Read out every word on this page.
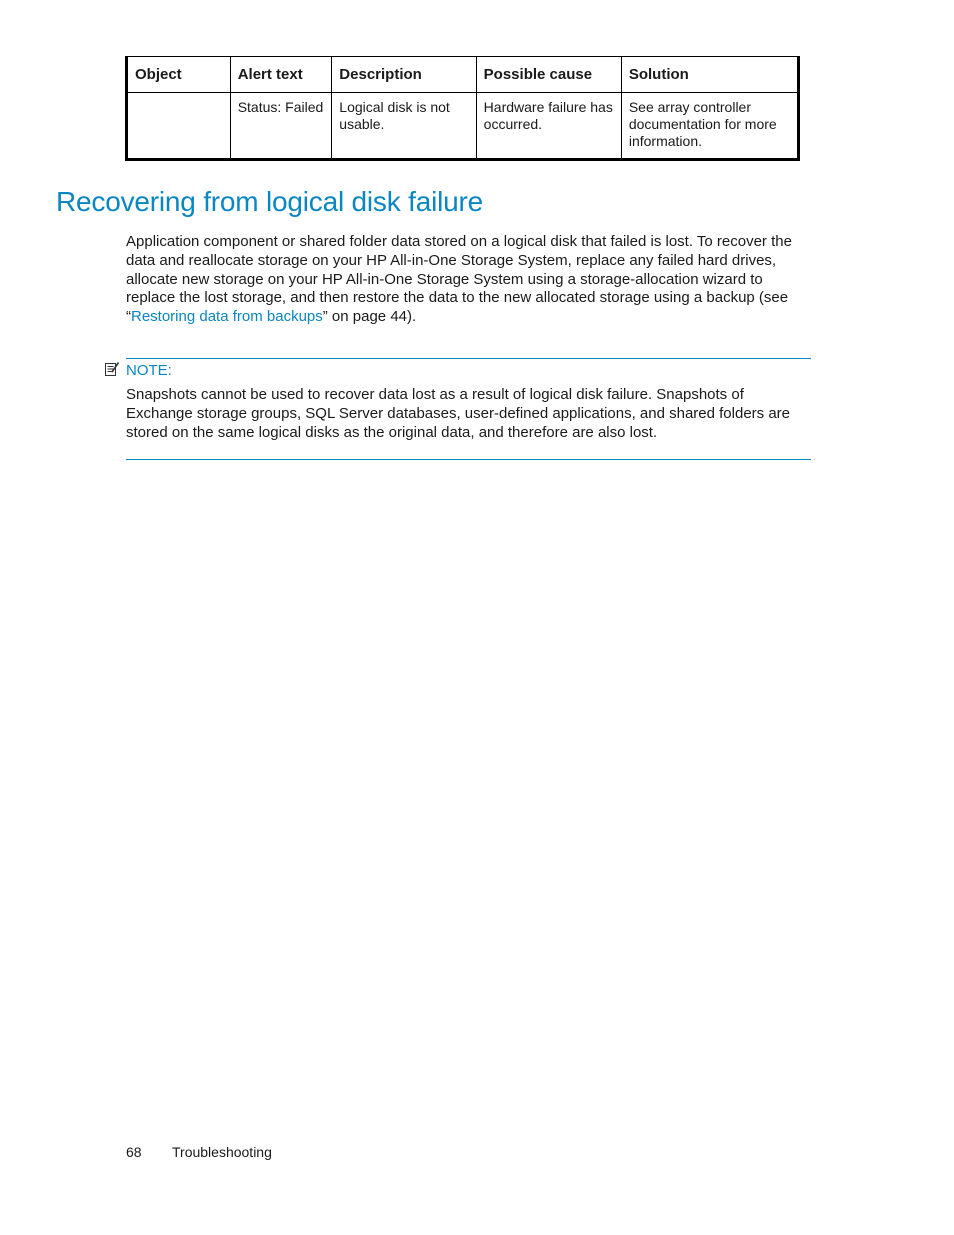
Object	Alert text	Description	Possible cause	Solution
	Status: Failed	Logical disk is not usable.	Hardware failure has occurred.	See array controller documentation for more information.
Recovering from logical disk failure

Application component or shared folder data stored on a logical disk that failed is lost. To recover the data and reallocate storage on your HP All-in-One Storage System, replace any failed hard drives, allocate new storage on your HP All-in-One Storage System using a storage-allocation wizard to replace the lost storage, and then restore the data to the new allocated storage using a backup (see “Restoring data from backups” on page 44).

NOTE:

Snapshots cannot be used to recover data lost as a result of logical disk failure. Snapshots of Exchange storage groups, SQL Server databases, user-defined applications, and shared folders are stored on the same logical disks as the original data, and therefore are also lost.

68 Troubleshooting
